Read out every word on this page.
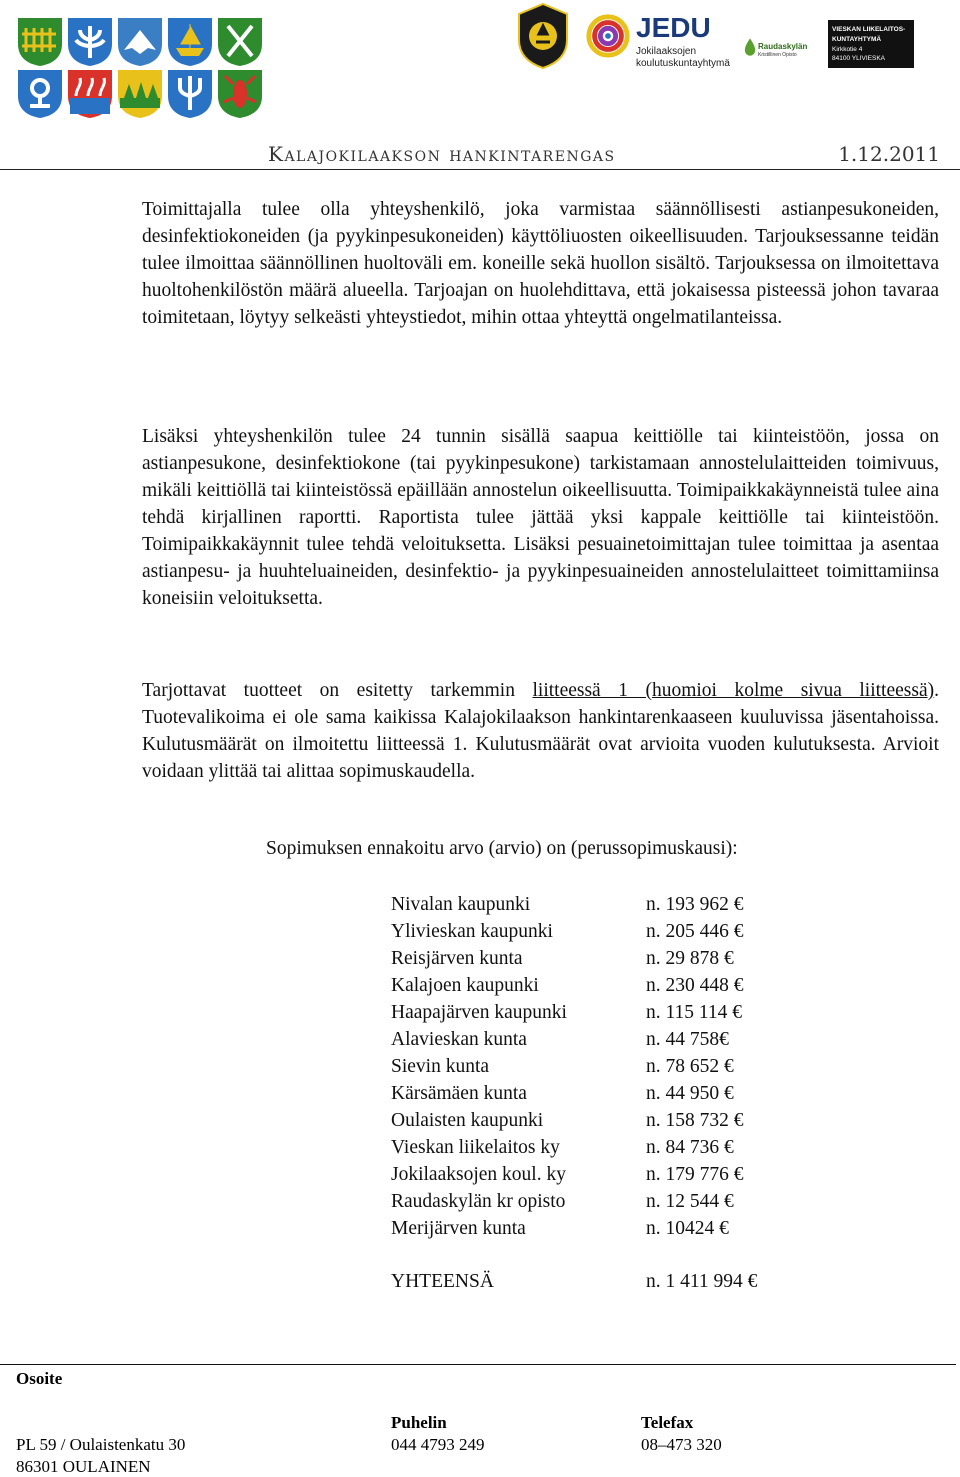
JEDU
Jokilaaksojen
koulutuskuntayhtymä
Raudaskylän
Kristillinen Opisto
VIESKAN LIIKELAITOS-
KUNTAYHTYMÄ
Kirkkotie 4
84100 YLIVIESKA
Kalajokilaakson hankintarengas	1.12.2011
Toimittajalla tulee olla yhteyshenkilö, joka varmistaa säännöllisesti astianpesukoneiden, desinfektiokoneiden (ja pyykinpesukoneiden) käyttöliuosten oikeellisuuden. Tarjouksessanne teidän tulee ilmoittaa säännöllinen huoltoväli em. koneille sekä huollon sisältö. Tarjouksessa on ilmoitettava huoltohenkilöstön määrä alueella. Tarjoajan on huolehdittava, että jokaisessa pisteessä johon tavaraa toimitetaan, löytyy selkeästi yhteystiedot, mihin ottaa yhteyttä ongelmatilanteissa.
Lisäksi yhteyshenkilön tulee 24 tunnin sisällä saapua keittiölle tai kiinteistöön, jossa on astianpesukone, desinfektiokone (tai pyykinpesukone) tarkistamaan annostelulaitteiden toimivuus, mikäli keittiöllä tai kiinteistössä epäillään annostelun oikeellisuutta. Toimipaikkakäynneistä tulee aina tehdä kirjallinen raportti. Raportista tulee jättää yksi kappale keittiölle tai kiinteistöön. Toimipaikkakäynnit tulee tehdä veloituksetta. Lisäksi pesuainetoimittajan tulee toimittaa ja asentaa astianpesu- ja huuhteluaineiden, desinfektio- ja pyykinpesuaineiden annostelulaitteet toimittamiinsa koneisiin veloituksetta.
Tarjottavat tuotteet on esitetty tarkemmin liitteessä 1 (huomioi kolme sivua liitteessä). Tuotevalikoima ei ole sama kaikissa Kalajokilaakson hankintarenkaaseen kuuluvissa jäsentahoissa. Kulutusmäärät on ilmoitettu liitteessä 1. Kulutusmäärät ovat arvioita vuoden kulutuksesta. Arvioit voidaan ylittää tai alittaa sopimuskaudella.
Sopimuksen ennakoitu arvo (arvio) on (perussopimuskausi):
Nivalan kaupunki	n. 193 962 €
Ylivieskan kaupunki	n. 205 446 €
Reisjärven kunta	n. 29 878 €
Kalajoen kaupunki	n. 230 448 €
Haapajärven kaupunki	n. 115 114 €
Alavieskan kunta	n. 44 758€
Sievin kunta	n. 78 652 €
Kärsämäen kunta	n. 44 950 €
Oulaisten kaupunki	n. 158 732 €
Vieskan liikelaitos ky	n. 84 736 €
Jokilaaksojen koul. ky	n. 179 776 €
Raudaskylän kr opisto	n. 12 544 €
Merijärven kunta	n. 10424 €
YHTEENSÄ	n. 1 411 994 €
Osoite
PL 59 / Oulaistenkatu 30
86301 OULAINEN
Puhelin
044 4793 249
Telefax
08–473 320
